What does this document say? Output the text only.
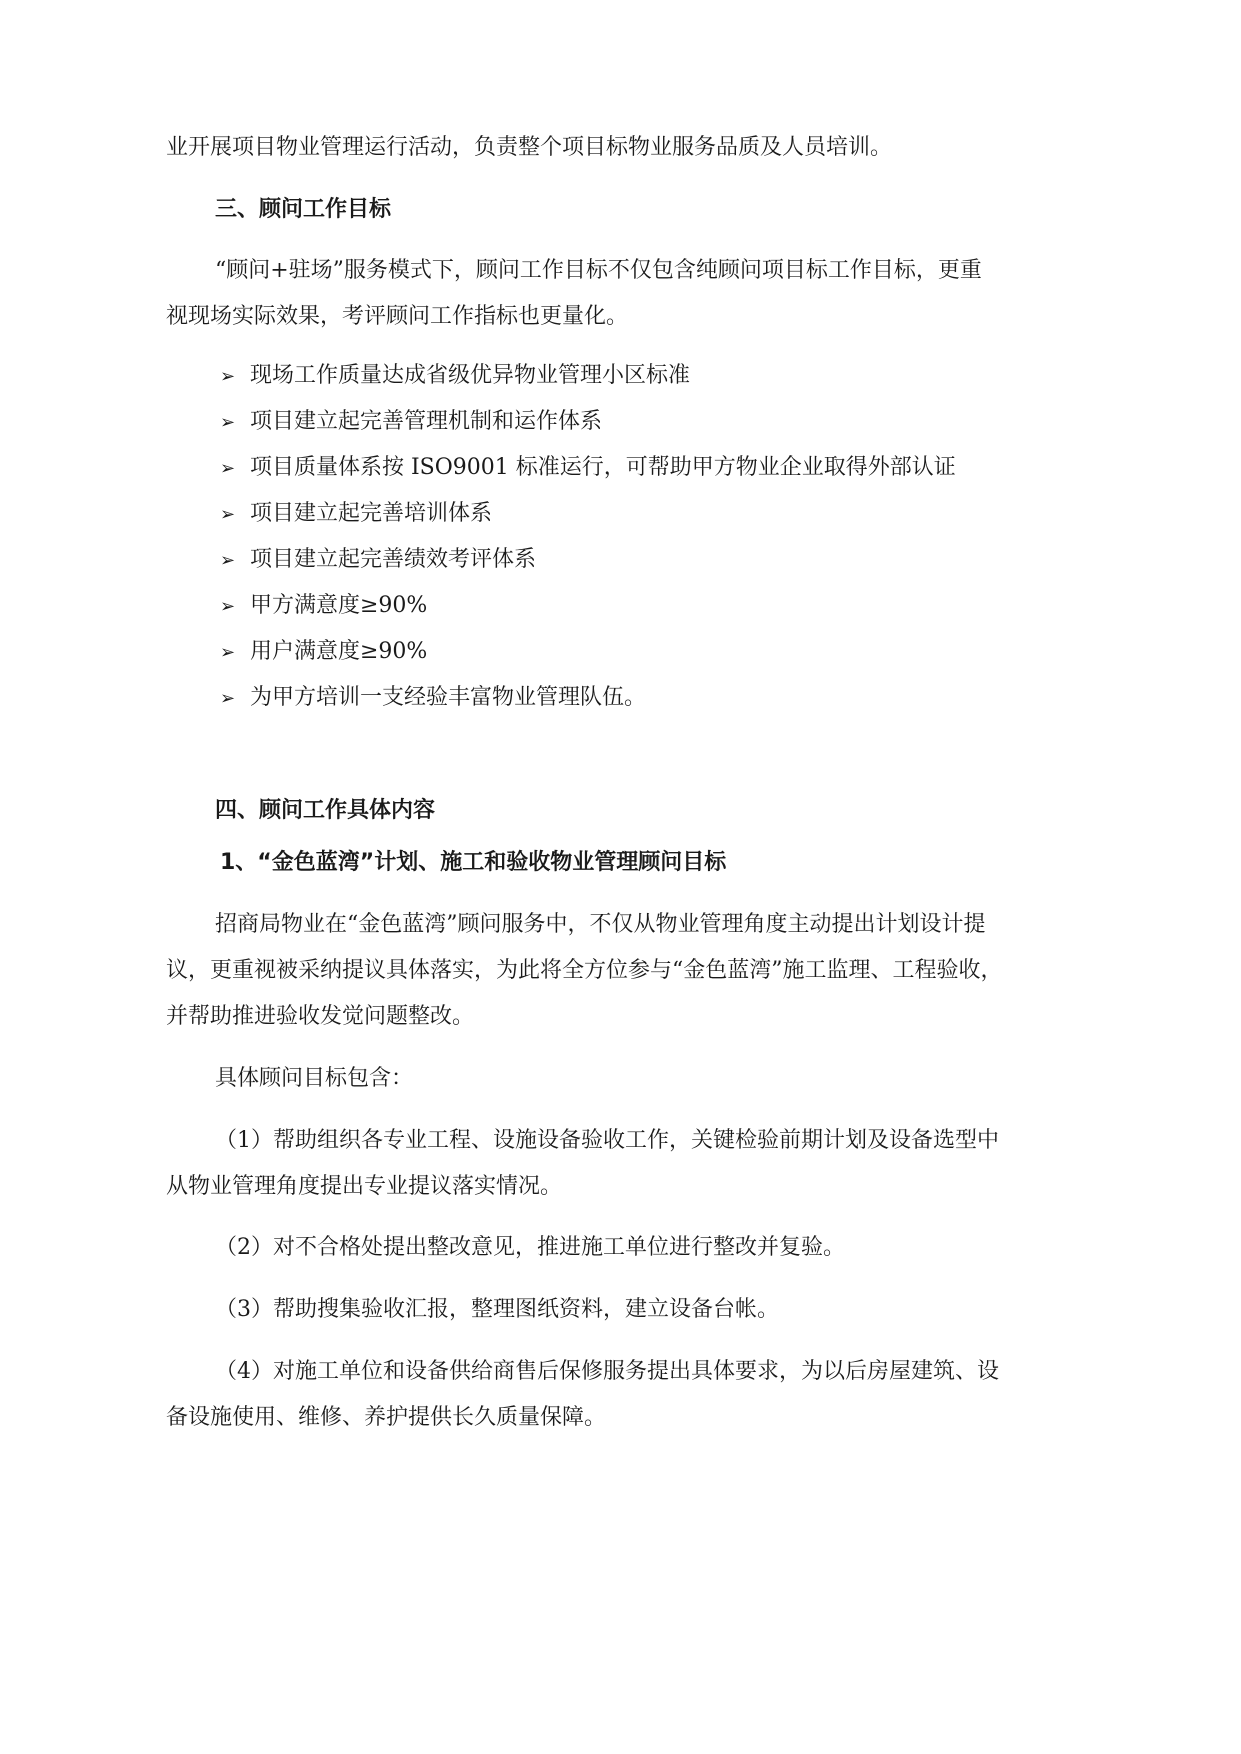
业开展项目物业管理运行活动，负责整个项目标物业服务品质及人员培训。
三、顾问工作目标
“顾问+驻场”服务模式下，顾问工作目标不仅包含纯顾问项目标工作目标，更重
视现场实际效果，考评顾问工作指标也更量化。
➢ 现场工作质量达成省级优异物业管理小区标准
➢ 项目建立起完善管理机制和运作体系
➢ 项目质量体系按 ISO9001 标准运行，可帮助甲方物业企业取得外部认证
➢ 项目建立起完善培训体系
➢ 项目建立起完善绩效考评体系
➢ 甲方满意度≥90%
➢ 用户满意度≥90%
➢ 为甲方培训一支经验丰富物业管理队伍。
四、顾问工作具体内容
1、“金色蓝湾”计划、施工和验收物业管理顾问目标
招商局物业在“金色蓝湾”顾问服务中，不仅从物业管理角度主动提出计划设计提
议，更重视被采纳提议具体落实，为此将全方位参与“金色蓝湾”施工监理、工程验收，
并帮助推进验收发觉问题整改。
具体顾问目标包含：
（1）帮助组织各专业工程、设施设备验收工作，关键检验前期计划及设备选型中
从物业管理角度提出专业提议落实情况。
（2）对不合格处提出整改意见，推进施工单位进行整改并复验。
（3）帮助搜集验收汇报，整理图纸资料，建立设备台帐。
（4）对施工单位和设备供给商售后保修服务提出具体要求，为以后房屋建筑、设
备设施使用、维修、养护提供长久质量保障。
